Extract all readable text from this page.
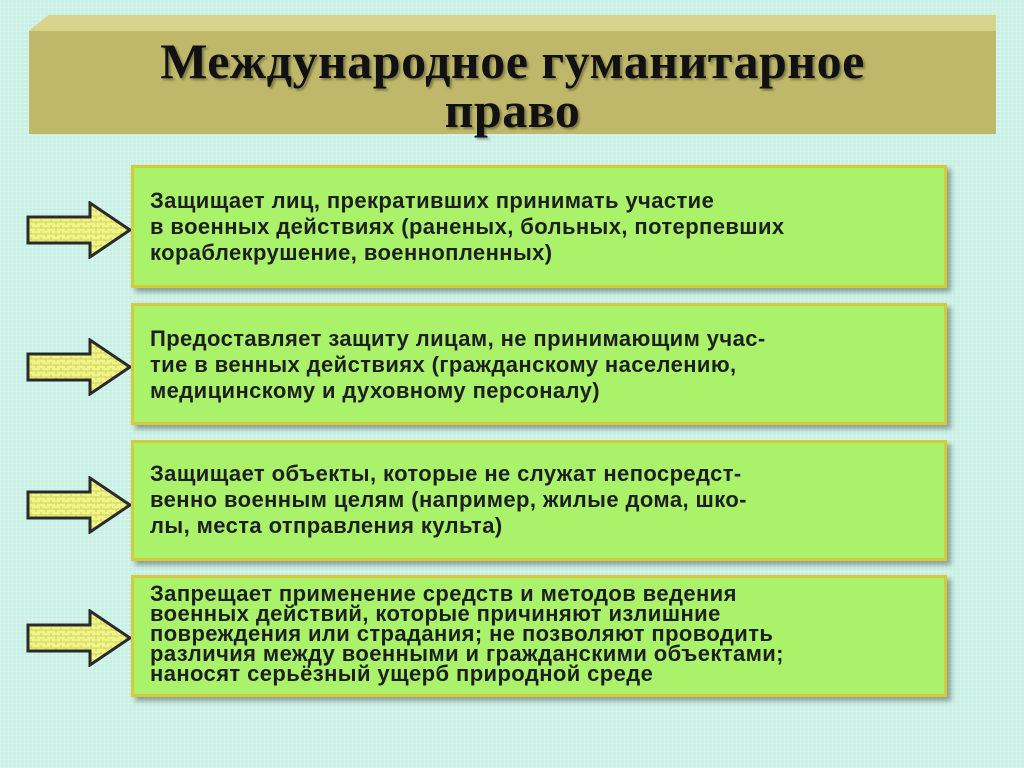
Международное гуманитарное
право
Защищает лиц, прекративших принимать участие
в военных действиях (раненых, больных, потерпевших
кораблекрушение, военнопленных)
Предоставляет защиту лицам, не принимающим учас-
тие в венных действиях (гражданскому населению,
медицинскому и духовному персоналу)
Защищает объекты, которые не служат непосредст-
венно военным целям (например, жилые дома, шко-
лы, места отправления культа)
Запрещает применение средств и методов ведения
военных действий, которые причиняют излишние
повреждения или страдания; не позволяют проводить
различия между военными и гражданскими объектами;
наносят серьёзный ущерб природной среде
